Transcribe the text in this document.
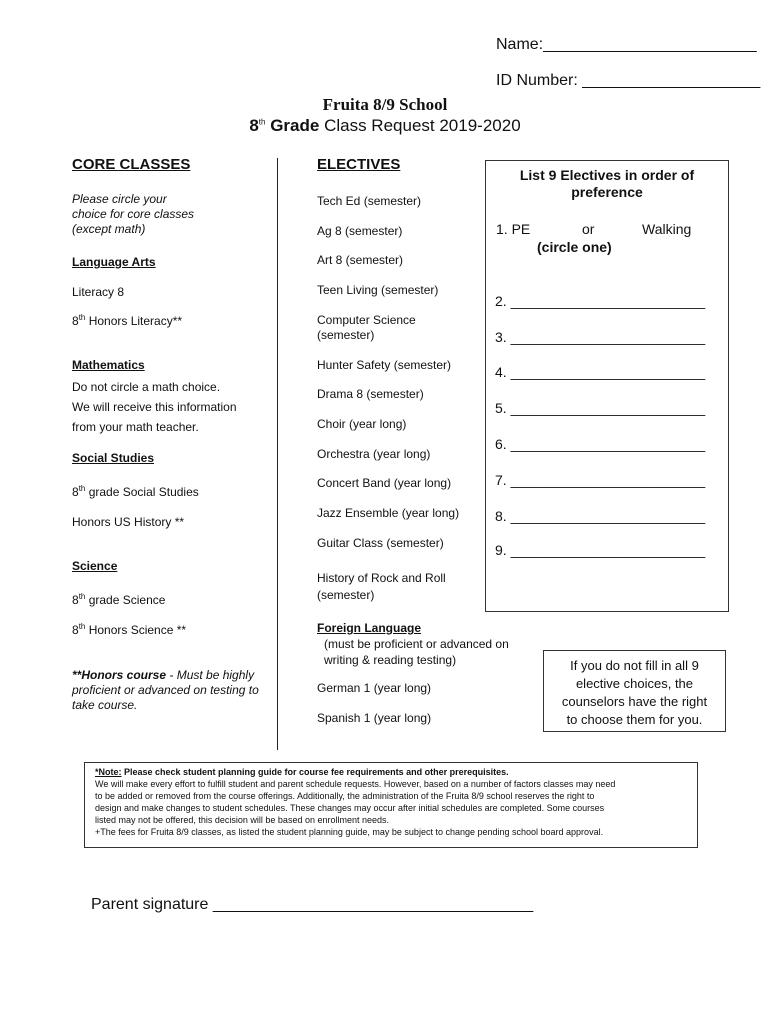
Name:________________________
ID Number: ____________________
Fruita 8/9 School
8th Grade Class Request 2019-2020
CORE CLASSES
Please circle your
choice for core classes
(except math)
Language Arts
Literacy 8
8th Honors Literacy**
Mathematics
Do not circle a math choice.
We will receive this information
from your math teacher.
Social Studies
8th grade Social Studies
Honors US History **
Science
8th grade Science
8th Honors Science **
**Honors course - Must be highly
proficient or advanced on testing to
take course.
ELECTIVES
Tech Ed (semester)
Ag 8 (semester)
Art 8 (semester)
Teen Living (semester)
Computer Science
(semester)
Hunter Safety (semester)
Drama 8 (semester)
Choir (year long)
Orchestra (year long)
Concert Band (year long)
Jazz Ensemble (year long)
Guitar Class (semester)
History of Rock and Roll
(semester)
Foreign Language
(must be proficient or advanced on
writing & reading testing)
German 1 (year long)
Spanish 1 (year long)
List 9 Electives in order of
preference
1. PE	or	Walking
(circle one)
2. _________________________
3. _________________________
4. _________________________
5. _________________________
6. _________________________
7. _________________________
8. _________________________
9. _________________________
If you do not fill in all 9
elective choices, the
counselors have the right
to choose them for you.
*Note: Please check student planning guide for course fee requirements and other prerequisites.
We will make every effort to fulfill student and parent schedule requests. However, based on a number of factors classes may need
to be added or removed from the course offerings. Additionally, the administration of the Fruita 8/9 school reserves the right to
design and make changes to student schedules. These changes may occur after initial schedules are completed. Some courses
listed may not be offered, this decision will be based on enrollment needs.
+The fees for Fruita 8/9 classes, as listed the student planning guide, may be subject to change pending school board approval.
Parent signature ____________________________________
